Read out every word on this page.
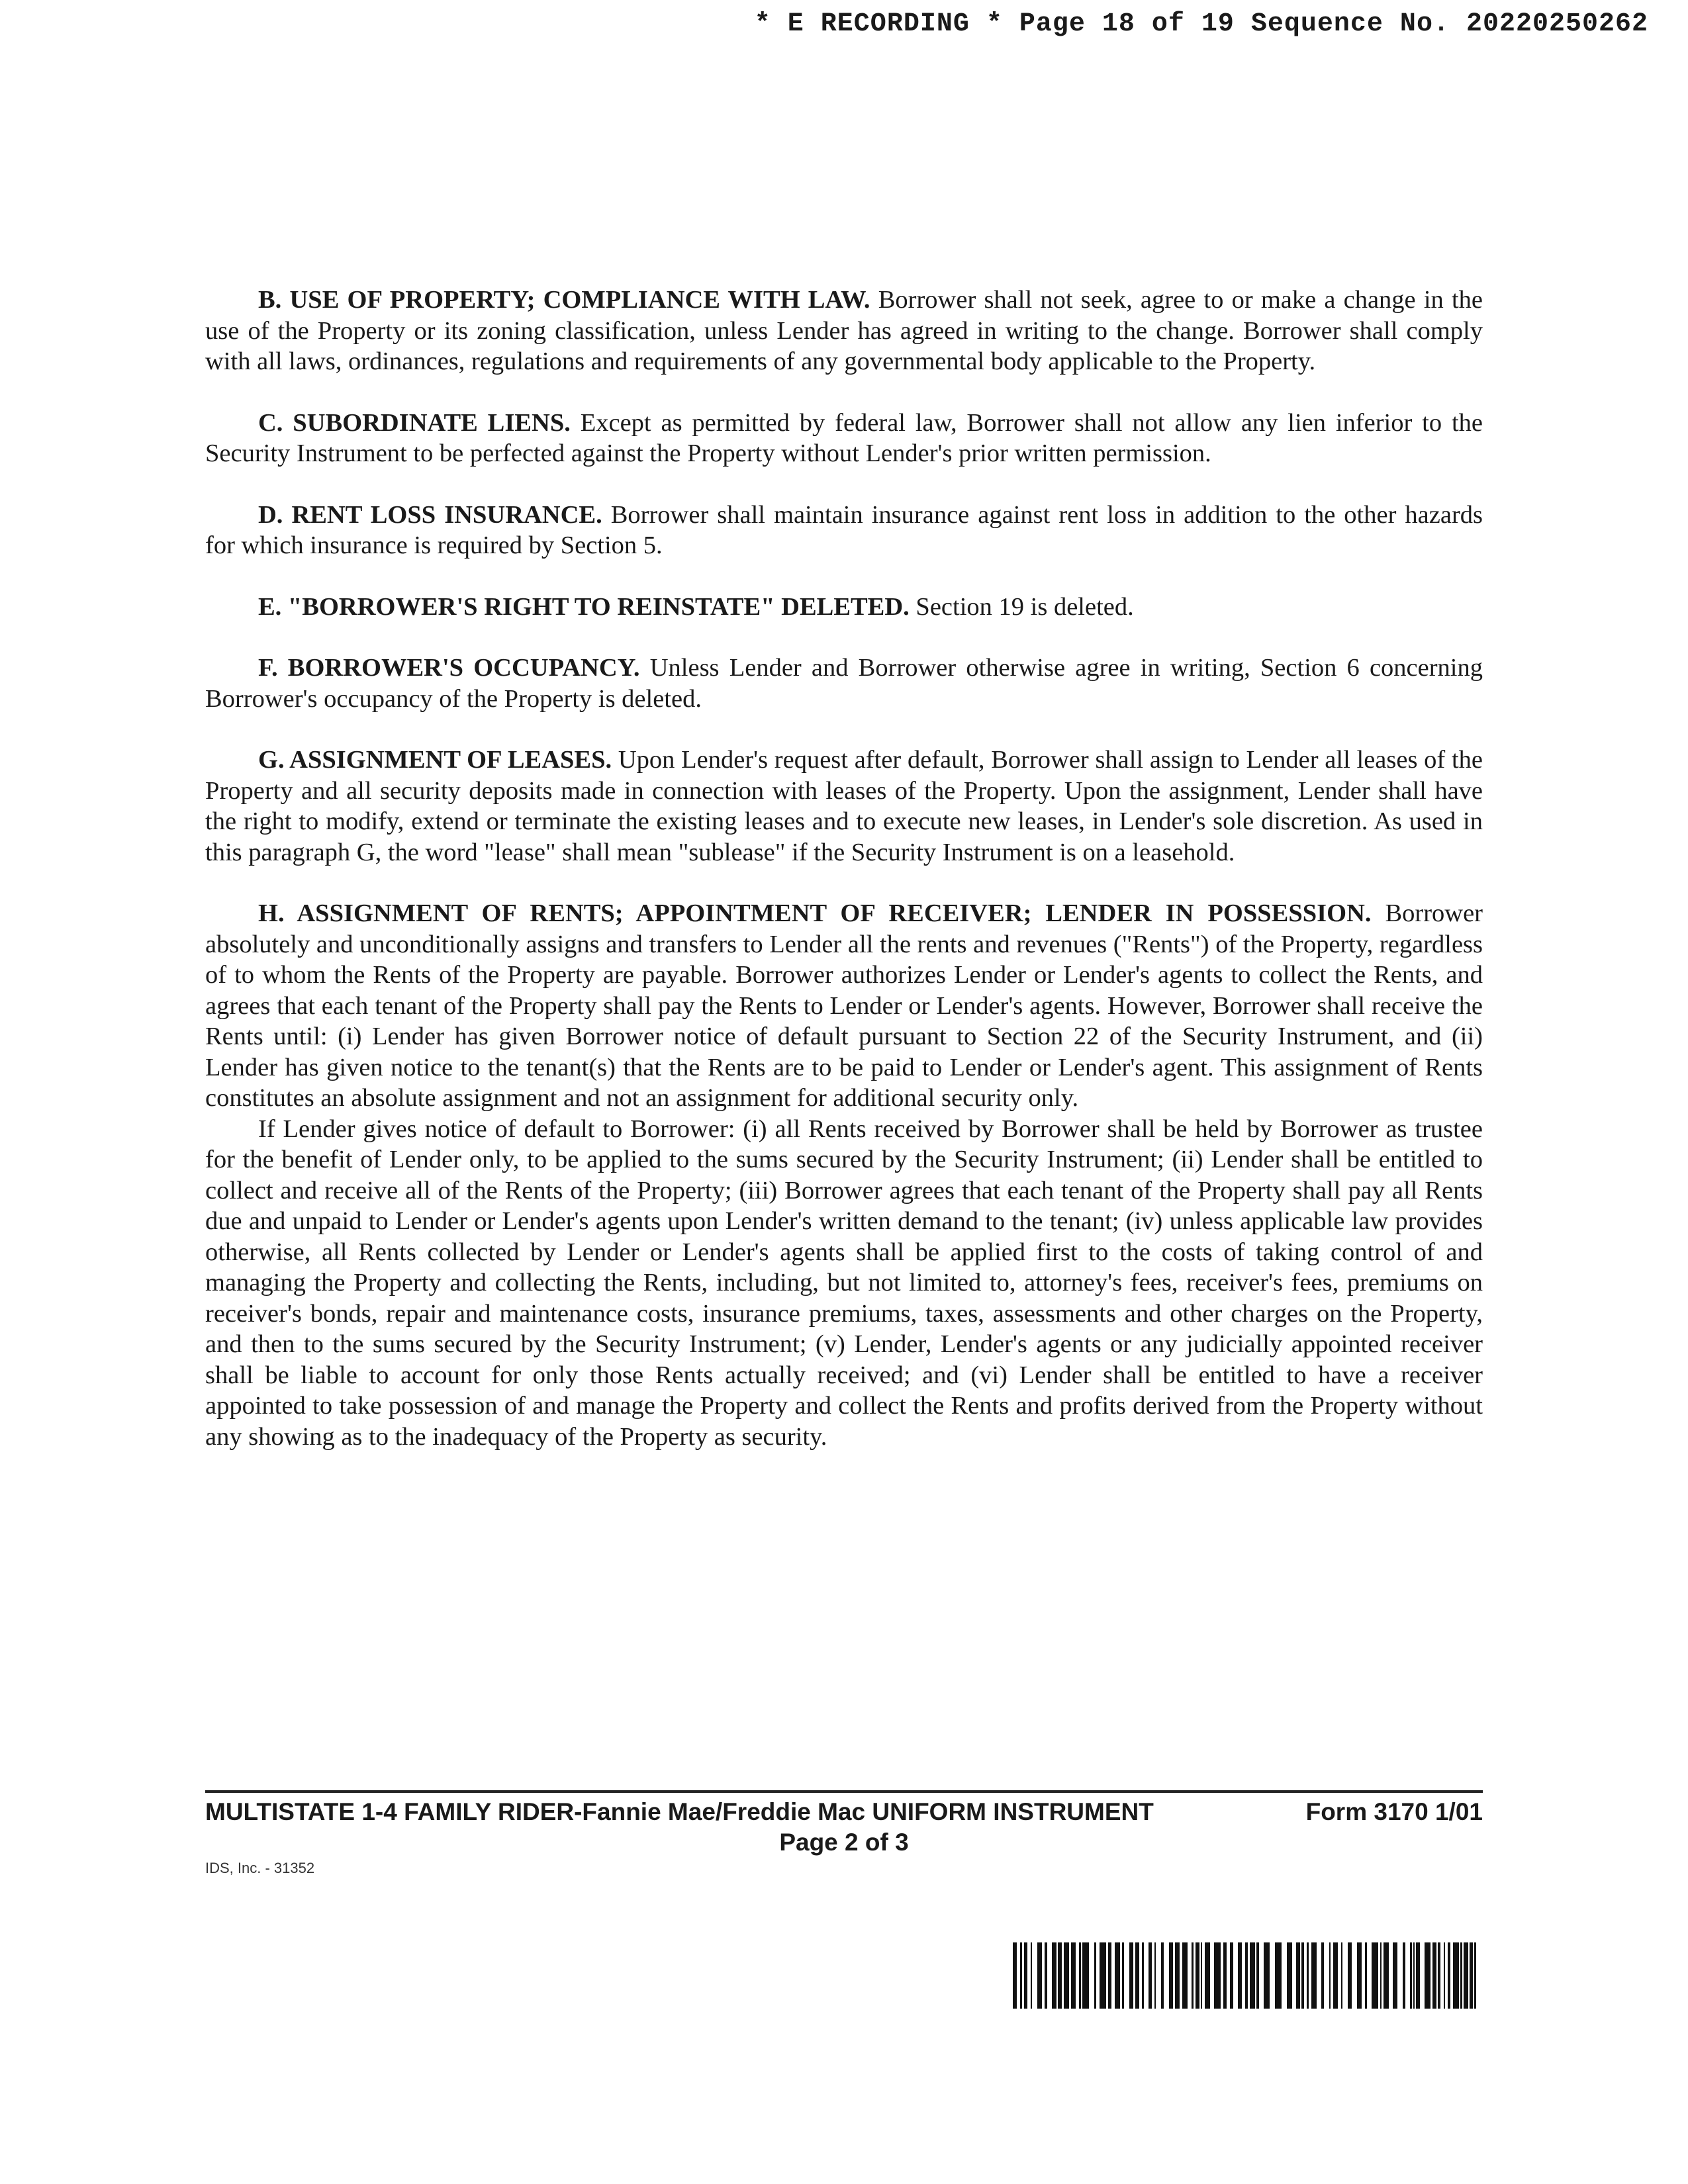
* E RECORDING * Page 18 of 19 Sequence No. 20220250262

B. USE OF PROPERTY; COMPLIANCE WITH LAW. Borrower shall not seek, agree to or make a change in the use of the Property or its zoning classification, unless Lender has agreed in writing to the change. Borrower shall comply with all laws, ordinances, regulations and requirements of any governmental body applicable to the Property.

C. SUBORDINATE LIENS. Except as permitted by federal law, Borrower shall not allow any lien inferior to the Security Instrument to be perfected against the Property without Lender's prior written permission.

D. RENT LOSS INSURANCE. Borrower shall maintain insurance against rent loss in addition to the other hazards for which insurance is required by Section 5.

E. "BORROWER'S RIGHT TO REINSTATE" DELETED. Section 19 is deleted.

F. BORROWER'S OCCUPANCY. Unless Lender and Borrower otherwise agree in writing, Section 6 concerning Borrower's occupancy of the Property is deleted.

G. ASSIGNMENT OF LEASES. Upon Lender's request after default, Borrower shall assign to Lender all leases of the Property and all security deposits made in connection with leases of the Property. Upon the assignment, Lender shall have the right to modify, extend or terminate the existing leases and to execute new leases, in Lender's sole discretion. As used in this paragraph G, the word "lease" shall mean "sublease" if the Security Instrument is on a leasehold.

H. ASSIGNMENT OF RENTS; APPOINTMENT OF RECEIVER; LENDER IN POSSESSION. Borrower absolutely and unconditionally assigns and transfers to Lender all the rents and revenues ("Rents") of the Property, regardless of to whom the Rents of the Property are payable. Borrower authorizes Lender or Lender's agents to collect the Rents, and agrees that each tenant of the Property shall pay the Rents to Lender or Lender's agents. However, Borrower shall receive the Rents until: (i) Lender has given Borrower notice of default pursuant to Section 22 of the Security Instrument, and (ii) Lender has given notice to the tenant(s) that the Rents are to be paid to Lender or Lender's agent. This assignment of Rents constitutes an absolute assignment and not an assignment for additional security only.

If Lender gives notice of default to Borrower: (i) all Rents received by Borrower shall be held by Borrower as trustee for the benefit of Lender only, to be applied to the sums secured by the Security Instrument; (ii) Lender shall be entitled to collect and receive all of the Rents of the Property; (iii) Borrower agrees that each tenant of the Property shall pay all Rents due and unpaid to Lender or Lender's agents upon Lender's written demand to the tenant; (iv) unless applicable law provides otherwise, all Rents collected by Lender or Lender's agents shall be applied first to the costs of taking control of and managing the Property and collecting the Rents, including, but not limited to, attorney's fees, receiver's fees, premiums on receiver's bonds, repair and maintenance costs, insurance premiums, taxes, assessments and other charges on the Property, and then to the sums secured by the Security Instrument; (v) Lender, Lender's agents or any judicially appointed receiver shall be liable to account for only those Rents actually received; and (vi) Lender shall be entitled to have a receiver appointed to take possession of and manage the Property and collect the Rents and profits derived from the Property without any showing as to the inadequacy of the Property as security.

MULTISTATE 1-4 FAMILY RIDER-Fannie Mae/Freddie Mac UNIFORM INSTRUMENT	Form 3170 1/01
Page 2 of 3
IDS, Inc. - 31352
